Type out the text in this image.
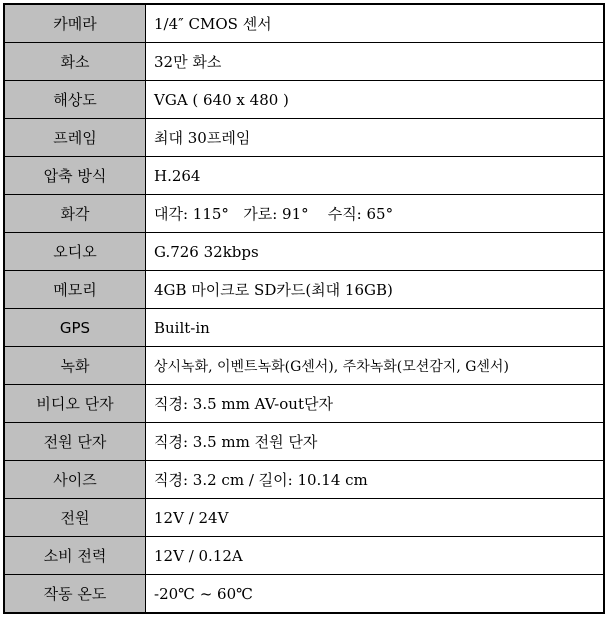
카메라	1/4″ CMOS 센서
화소	32만 화소
해상도	VGA ( 640 x 480 )
프레임	최대 30프레임
압축 방식	H.264
화각	대각: 115°   가로: 91°    수직: 65°
오디오	G.726 32kbps
메모리	4GB 마이크로 SD카드(최대 16GB)
GPS	Built-in
녹화	상시녹화, 이벤트녹화(G센서), 주차녹화(모션감지, G센서)
비디오 단자	직경: 3.5 mm AV-out단자
전원 단자	직경: 3.5 mm 전원 단자
사이즈	직경: 3.2 cm / 길이: 10.14 cm
전원	12V / 24V
소비 전력	12V / 0.12A
작동 온도	-20℃ ~ 60℃
